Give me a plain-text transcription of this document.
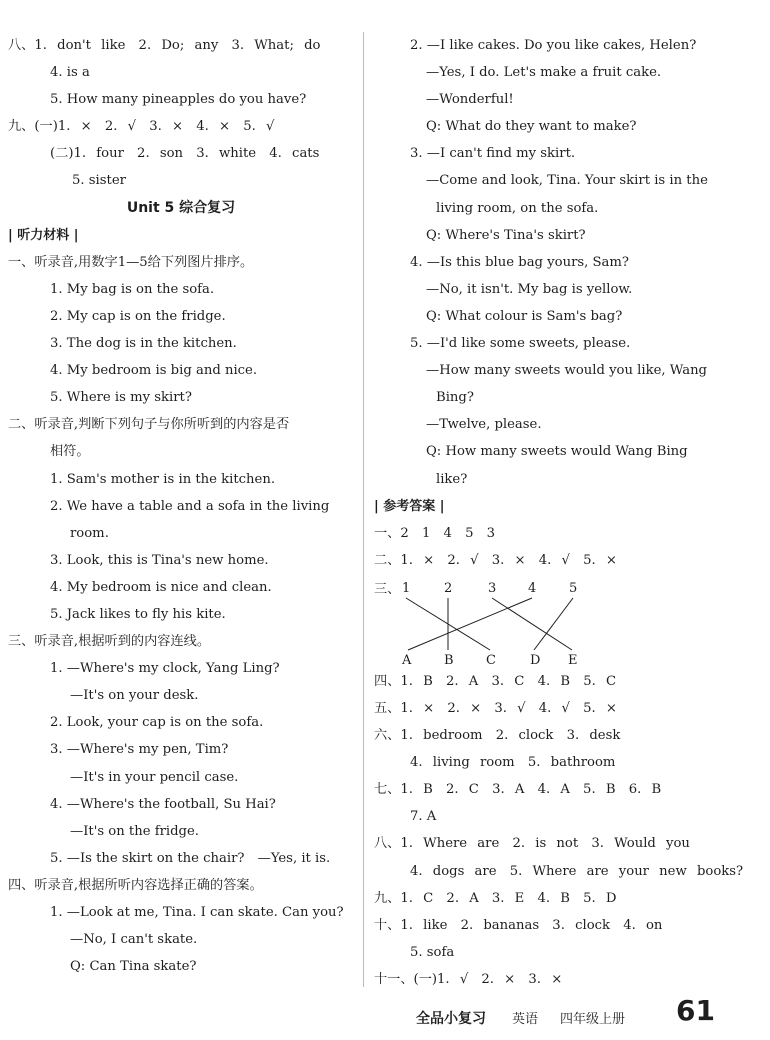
八、1. don't like　2. Do; any　3. What; do
4. is a
5. How many pineapples do you have?
九、(一)1. ×　2. √　3. ×　4. ×　5. √
(二)1. four　2. son　3. white　4. cats
5. sister
Unit 5 综合复习
| 听力材料 |
一、听录音,用数字1—5给下列图片排序。
1. My bag is on the sofa.
2. My cap is on the fridge.
3. The dog is in the kitchen.
4. My bedroom is big and nice.
5. Where is my skirt?
二、听录音,判断下列句子与你所听到的内容是否
相符。
1. Sam's mother is in the kitchen.
2. We have a table and a sofa in the living
room.
3. Look, this is Tina's new home.
4. My bedroom is nice and clean.
5. Jack likes to fly his kite.
三、听录音,根据听到的内容连线。
1. —Where's my clock, Yang Ling?
—It's on your desk.
2. Look, your cap is on the sofa.
3. —Where's my pen, Tim?
—It's in your pencil case.
4. —Where's the football, Su Hai?
—It's on the fridge.
5. —Is the skirt on the chair?　—Yes, it is.
四、听录音,根据所听内容选择正确的答案。
1. —Look at me, Tina. I can skate. Can you?
—No, I can't skate.
Q: Can Tina skate?
2. —I like cakes. Do you like cakes, Helen?
—Yes, I do. Let's make a fruit cake.
—Wonderful!
Q: What do they want to make?
3. —I can't find my skirt.
—Come and look, Tina. Your skirt is in the
living room, on the sofa.
Q: Where's Tina's skirt?
4. —Is this blue bag yours, Sam?
—No, it isn't. My bag is yellow.
Q: What colour is Sam's bag?
5. —I'd like some sweets, please.
—How many sweets would you like, Wang
Bing?
—Twelve, please.
Q: How many sweets would Wang Bing
like?
| 参考答案 |
一、2　1　4　5　3
二、1. ×　2. √　3. ×　4. √　5. ×
三、 1	2	3 4	5
A	B C	D E
四、1. B　2. A　3. C　4. B　5. C
五、1. ×　2. ×　3. √　4. √　5. ×
六、1. bedroom　2. clock　3. desk
4. living room　5. bathroom
七、1. B　2. C　3. A　4. A　5. B　6. B
7. A
八、1. Where are　2. is not　3. Would you
4. dogs are　5. Where are your new books?
九、1. C　2. A　3. E　4. B　5. D
十、1. like　2. bananas　3. clock　4. on
5. sofa
十一、(一)1. √　2. ×　3. ×
全品小复习 英语 四年级上册 61
